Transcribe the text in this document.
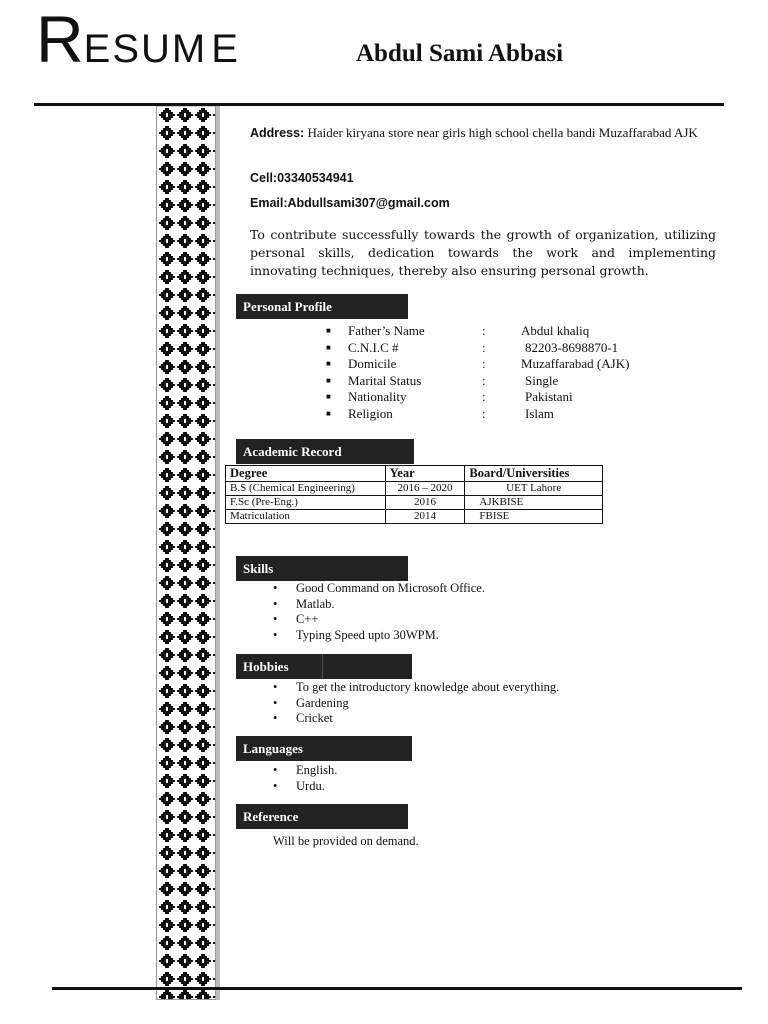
RESUM E	Abdul Sami Abbasi
Address: Haider kiryana store near girls high school chella bandi Muzaffarabad AJK
Cell:03340534941
Email:Abdullsami307@gmail.com
To contribute successfully towards the growth of organization, utilizing personal skills, dedication towards the work and implementing innovating techniques, thereby also ensuring personal growth.
Personal Profile
■ Father’s Name	:	Abdul khaliq
■ C.N.I.C #	:	82203-8698870-1
■ Domicile	:	Muzaffarabad (AJK)
■ Marital Status	:	Single
■ Nationality	:	Pakistani
■ Religion	:	Islam
Academic Record
Degree	Year	Board/Universities
B.S (Chemical Engineering)	2016 – 2020	UET Lahore
F.Sc (Pre-Eng.)	2016	AJKBISE
Matriculation	2014	FBISE
Skills
• Good Command on Microsoft Office.
• Matlab.
• C++
• Typing Speed upto 30WPM.
Hobbies
• To get the introductory knowledge about everything.
• Gardening
• Cricket
Languages
• English.
• Urdu.
Reference
Will be provided on demand.
